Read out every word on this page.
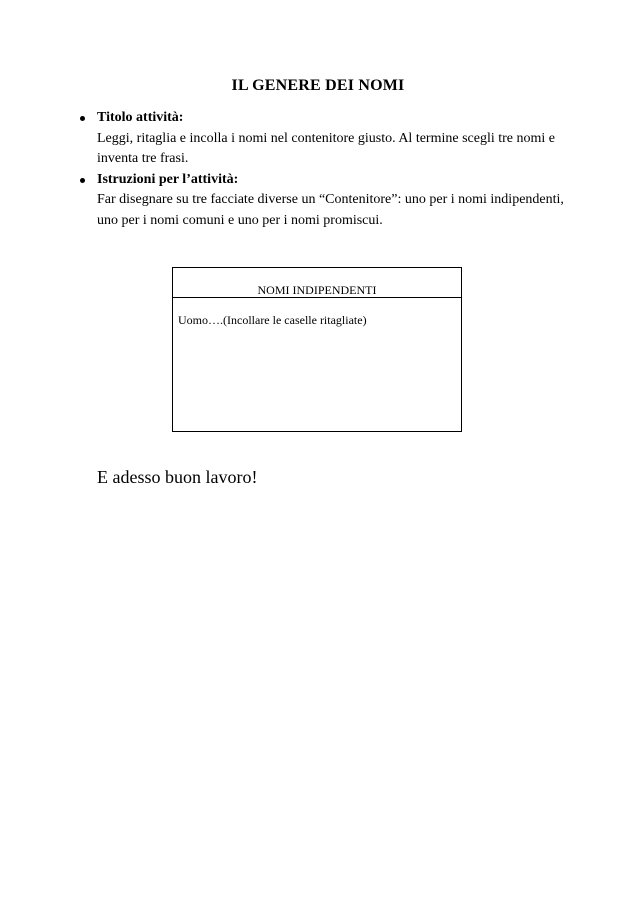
IL GENERE DEI NOMI
Titolo attività:
Leggi, ritaglia e incolla i nomi nel contenitore giusto. Al termine scegli tre nomi e inventa tre frasi.
Istruzioni per l’attività:
Far disegnare su tre facciate diverse un “Contenitore”: uno per i nomi indipendenti, uno per i nomi comuni e uno per i nomi promiscui.
NOMI INDIPENDENTI
Uomo….(Incollare le caselle ritagliate)
E adesso buon lavoro!
